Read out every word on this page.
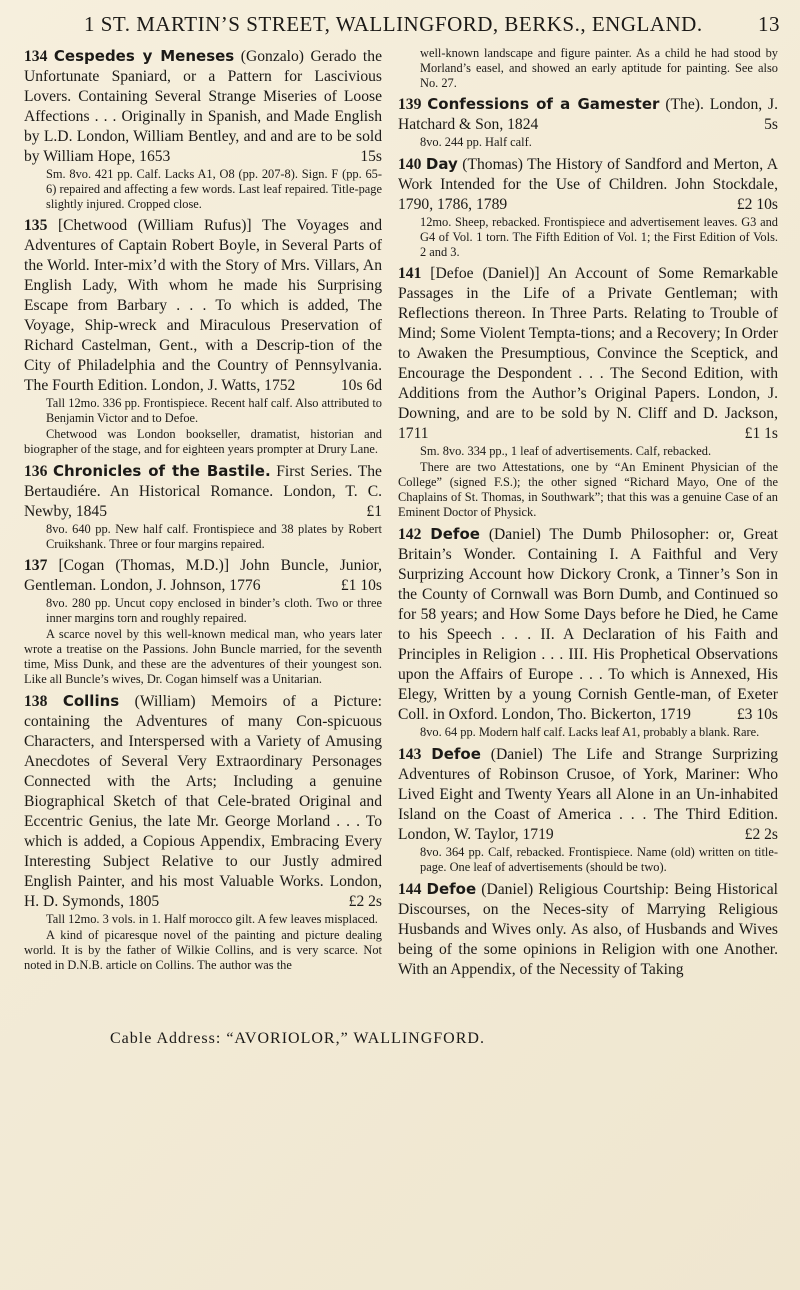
1 ST. MARTIN’S STREET, WALLINGFORD, BERKS., ENGLAND.	13

134 Cespedes y Meneses (Gonzalo) Gerado the Unfortunate Spaniard, or a Pattern for Lascivious Lovers. Containing Several Strange Miseries of Loose Affections . . . Originally in Spanish, and Made English by L.D. London, William Bentley, and and are to be sold by William Hope, 1653	15s

Sm. 8vo. 421 pp. Calf. Lacks A1, O8 (pp. 207-8). Sign. F (pp. 65-6) repaired and affecting a few words. Last leaf repaired. Title-page slightly injured. Cropped close.

135 [Chetwood (William Rufus)] The Voyages and Adventures of Captain Robert Boyle, in Several Parts of the World. Inter-mix’d with the Story of Mrs. Villars, An English Lady, With whom he made his Surprising Escape from Barbary . . . To which is added, The Voyage, Ship-wreck and Miraculous Preservation of Richard Castelman, Gent., with a Descrip-tion of the City of Philadelphia and the Country of Pennsylvania. The Fourth Edition. London, J. Watts, 1752	10s 6d

Tall 12mo. 336 pp. Frontispiece. Recent half calf. Also attributed to Benjamin Victor and to Defoe.

Chetwood was London bookseller, dramatist, historian and biographer of the stage, and for eighteen years prompter at Drury Lane.

136 Chronicles of the Bastile. First Series. The Bertaudiére. An Historical Romance. London, T. C. Newby, 1845	£1

8vo. 640 pp. New half calf. Frontispiece and 38 plates by Robert Cruikshank. Three or four margins repaired.

137 [Cogan (Thomas, M.D.)] John Buncle, Junior, Gentleman. London, J. Johnson, 1776	£1 10s

8vo. 280 pp. Uncut copy enclosed in binder’s cloth. Two or three inner margins torn and roughly repaired.

A scarce novel by this well-known medical man, who years later wrote a treatise on the Passions. John Buncle married, for the seventh time, Miss Dunk, and these are the adventures of their youngest son. Like all Buncle’s wives, Dr. Cogan himself was a Unitarian.

138 Collins (William) Memoirs of a Picture: containing the Adventures of many Con-spicuous Characters, and Interspersed with a Variety of Amusing Anecdotes of Several Very Extraordinary Personages Connected with the Arts; Including a genuine Biographical Sketch of that Cele-brated Original and Eccentric Genius, the late Mr. George Morland . . . To which is added, a Copious Appendix, Embracing Every Interesting Subject Relative to our Justly admired English Painter, and his most Valuable Works. London, H. D. Symonds, 1805	£2 2s

Tall 12mo. 3 vols. in 1. Half morocco gilt. A few leaves misplaced.

A kind of picaresque novel of the painting and picture dealing world. It is by the father of Wilkie Collins, and is very scarce. Not noted in D.N.B. article on Collins. The author was the

well-known landscape and figure painter. As a child he had stood by Morland’s easel, and showed an early aptitude for painting. See also No. 27.

139 Confessions of a Gamester (The). London, J. Hatchard & Son, 1824	5s

8vo. 244 pp. Half calf.

140 Day (Thomas) The History of Sandford and Merton, A Work Intended for the Use of Children. John Stockdale, 1790, 1786, 1789	£2 10s

12mo. Sheep, rebacked. Frontispiece and advertisement leaves. G3 and G4 of Vol. 1 torn. The Fifth Edition of Vol. 1; the First Edition of Vols. 2 and 3.

141 [Defoe (Daniel)] An Account of Some Remarkable Passages in the Life of a Private Gentleman; with Reflections thereon. In Three Parts. Relating to Trouble of Mind; Some Violent Tempta-tions; and a Recovery; In Order to Awaken the Presumptious, Convince the Sceptick, and Encourage the Despondent . . . The Second Edition, with Additions from the Author’s Original Papers. London, J. Downing, and are to be sold by N. Cliff and D. Jackson, 1711	£1 1s

Sm. 8vo. 334 pp., 1 leaf of advertisements. Calf, rebacked.

There are two Attestations, one by “An Eminent Physician of the College” (signed F.S.); the other signed “Richard Mayo, One of the Chaplains of St. Thomas, in Southwark”; that this was a genuine Case of an Eminent Doctor of Physick.

142 Defoe (Daniel) The Dumb Philosopher: or, Great Britain’s Wonder. Containing I. A Faithful and Very Surprizing Account how Dickory Cronk, a Tinner’s Son in the County of Cornwall was Born Dumb, and Continued so for 58 years; and How Some Days before he Died, he Came to his Speech . . . II. A Declaration of his Faith and Principles in Religion . . . III. His Prophetical Observations upon the Affairs of Europe . . . To which is Annexed, His Elegy, Written by a young Cornish Gentle-man, of Exeter Coll. in Oxford. London, Tho. Bickerton, 1719	£3 10s

8vo. 64 pp. Modern half calf. Lacks leaf A1, probably a blank. Rare.

143 Defoe (Daniel) The Life and Strange Surprizing Adventures of Robinson Crusoe, of York, Mariner: Who Lived Eight and Twenty Years all Alone in an Un-inhabited Island on the Coast of America . . . The Third Edition. London, W. Taylor, 1719	£2 2s

8vo. 364 pp. Calf, rebacked. Frontispiece. Name (old) written on title-page. One leaf of advertisements (should be two).

144 Defoe (Daniel) Religious Courtship: Being Historical Discourses, on the Neces-sity of Marrying Religious Husbands and Wives only. As also, of Husbands and Wives being of the some opinions in Religion with one Another. With an Appendix, of the Necessity of Taking

Cable Address: “AVORIOLOR,” WALLINGFORD.
